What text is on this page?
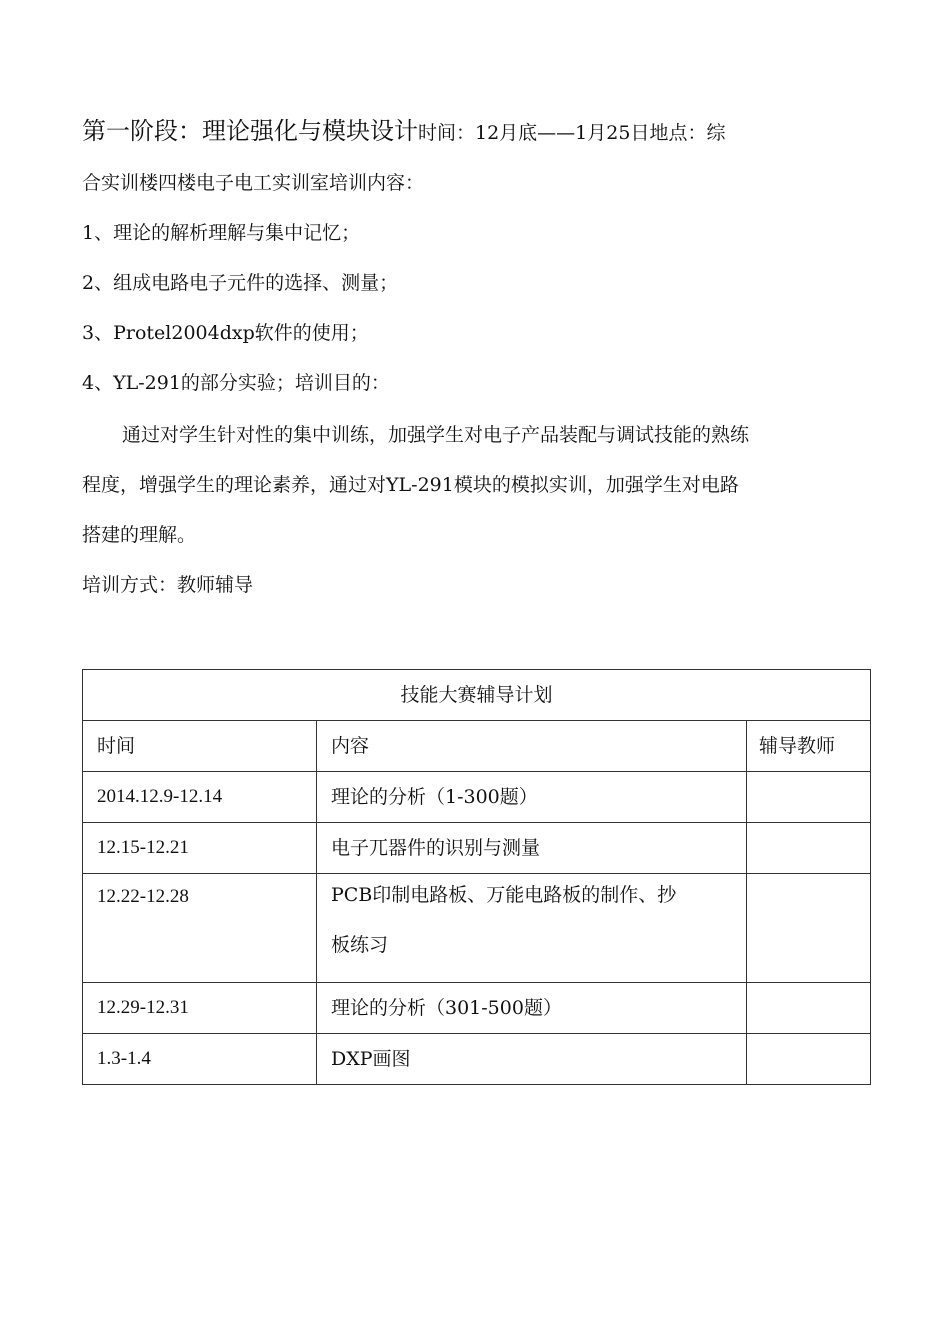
第一阶段：理论强化与模块设计时间：12月底——1月25日地点：综
合实训楼四楼电子电工实训室培训内容：
1、理论的解析理解与集中记忆；
2、组成电路电子元件的选择、测量；
3、Protel2004dxp软件的使用；
4、YL-291的部分实验；培训目的：
通过对学生针对性的集中训练，加强学生对电子产品装配与调试技能的熟练
程度，增强学生的理论素养，通过对YL-291模块的模拟实训，加强学生对电路
搭建的理解。
培训方式：教师辅导
技能大赛辅导计划		
时间	内容	辅导教师
2014.12.9-12.14	理论的分析（1-300题）	
12.15-12.21	电子兀器件的识别与测量	
12.22-12.28	PCB印制电路板、万能电路板的制作、抄
板练习	

12.29-12.31	理论的分析（301-500题）	
1.3-1.4	DXP画图	
